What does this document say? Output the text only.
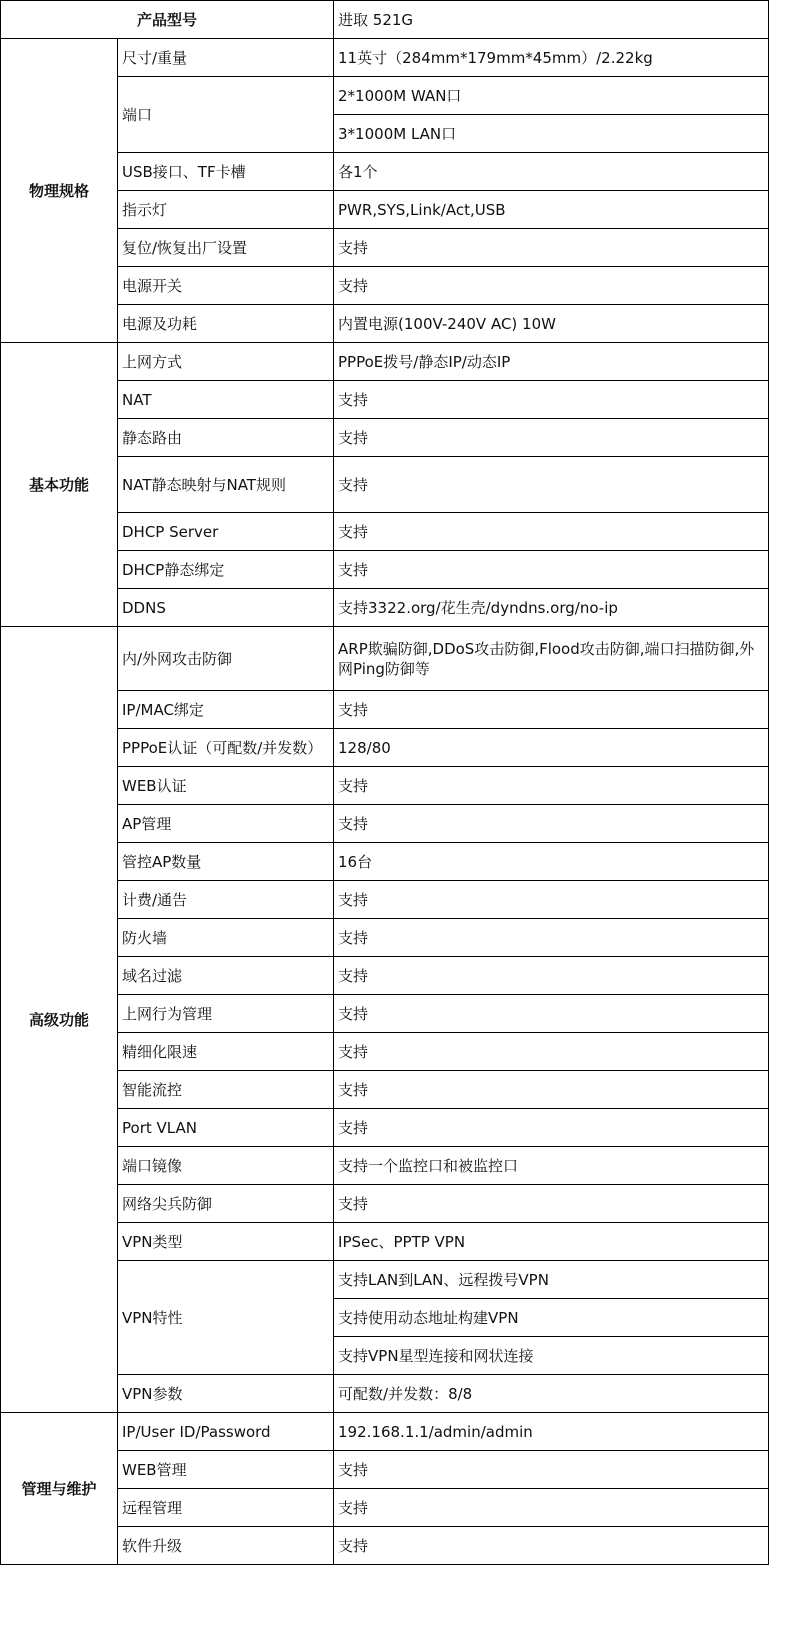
产品型号		进取 521G
物理规格	尺寸/重量	11英寸（284mm*179mm*45mm）/2.22kg
	端口	2*1000M WAN口
		3*1000M LAN口
	USB接口、TF卡槽	各1个
	指示灯	PWR,SYS,Link/Act,USB
	复位/恢复出厂设置	支持
	电源开关	支持
	电源及功耗	内置电源(100V-240V AC) 10W
基本功能	上网方式	PPPoE拨号/静态IP/动态IP
	NAT	支持
	静态路由	支持
	NAT静态映射与NAT规则	支持
	DHCP Server	支持
	DHCP静态绑定	支持
	DDNS	支持3322.org/花生壳/dyndns.org/no-ip
高级功能	内/外网攻击防御	ARP欺骗防御,DDoS攻击防御,Flood攻击防御,端口扫描防御,外网Ping防御等
	IP/MAC绑定	支持
	PPPoE认证（可配数/并发数）	128/80
	WEB认证	支持
	AP管理	支持
	管控AP数量	16台
	计费/通告	支持
	防火墙	支持
	域名过滤	支持
	上网行为管理	支持
	精细化限速	支持
	智能流控	支持
	Port VLAN	支持
	端口镜像	支持一个监控口和被监控口
	网络尖兵防御	支持
	VPN类型	IPSec、PPTP VPN
	VPN特性	支持LAN到LAN、远程拨号VPN
		支持使用动态地址构建VPN
		支持VPN星型连接和网状连接
	VPN参数	可配数/并发数：8/8
管理与维护	IP/User ID/Password	192.168.1.1/admin/admin
	WEB管理	支持
	远程管理	支持
	软件升级	支持
